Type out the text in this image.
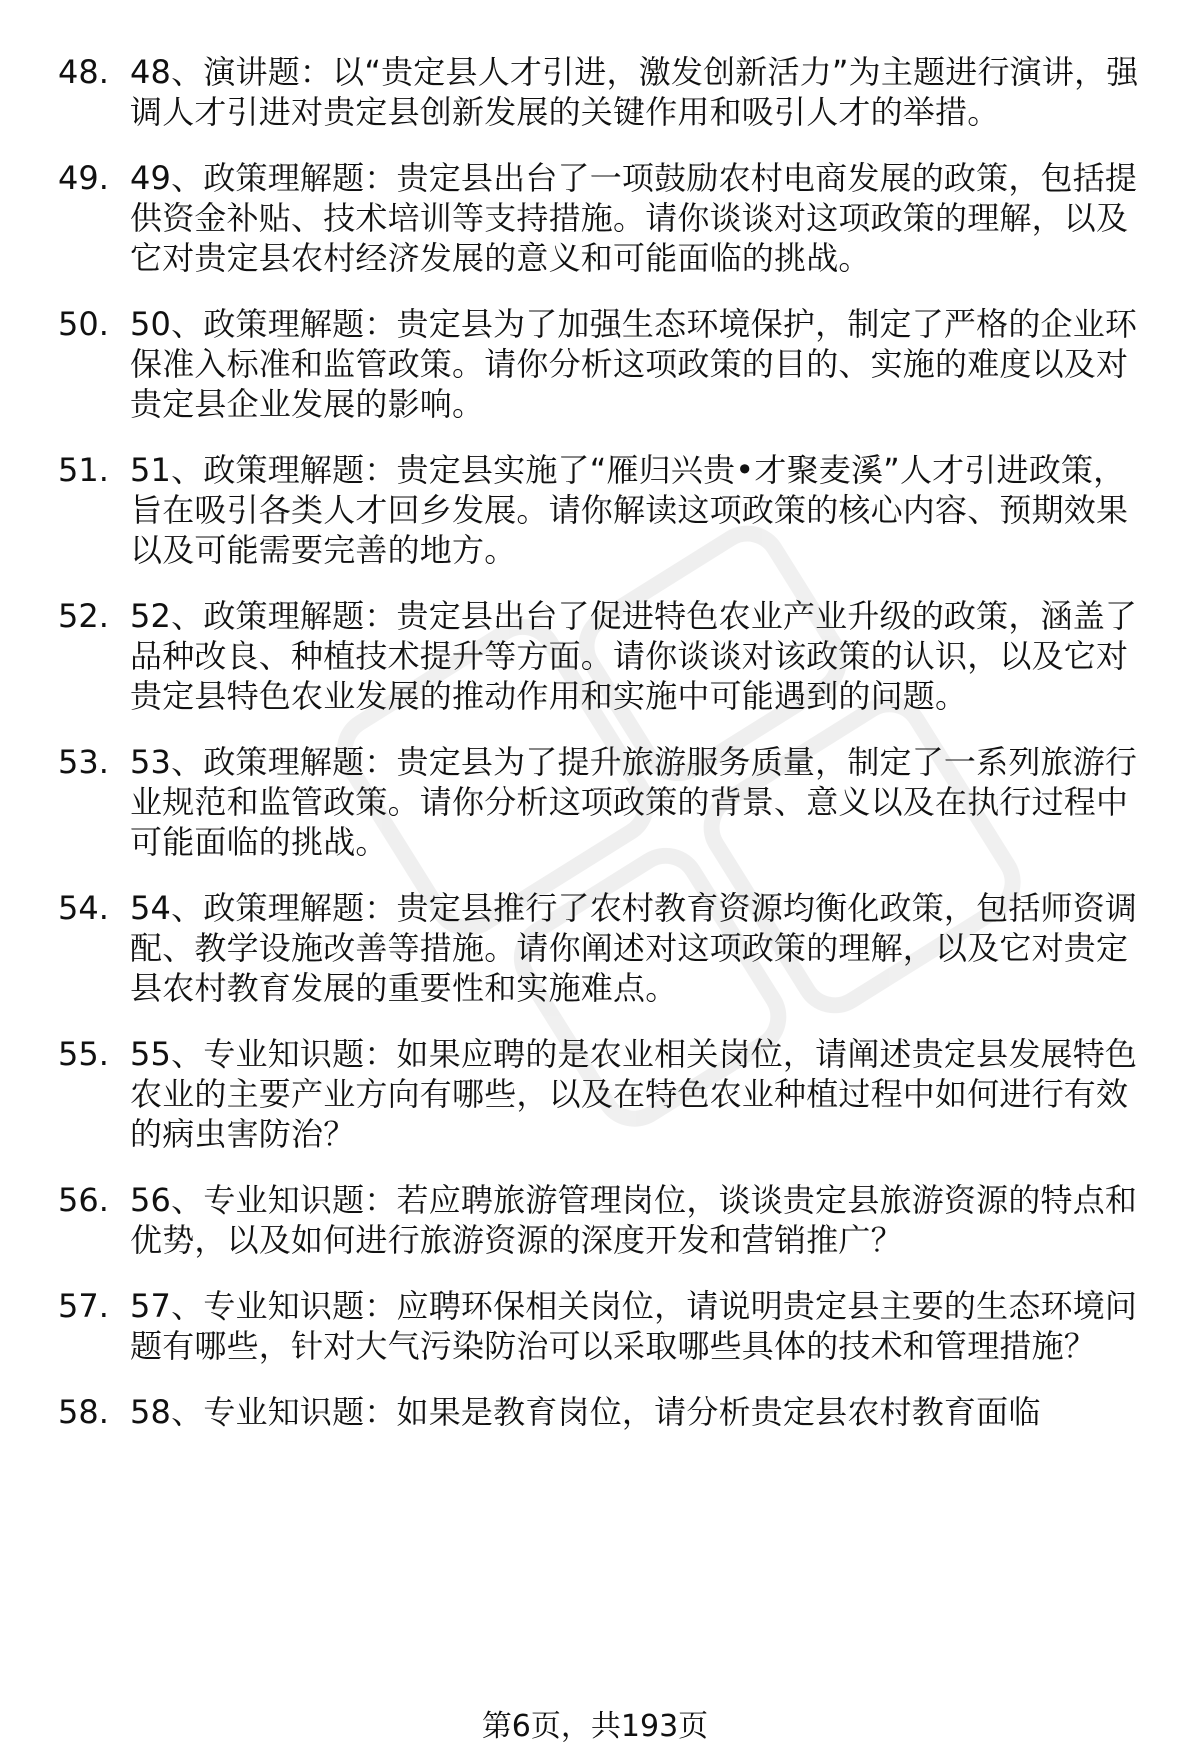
48. 48、演讲题：以“贵定县人才引进，激发创新活力”为主题进行演讲，强调人才引进对贵定县创新发展的关键作用和吸引人才的举措。
49. 49、政策理解题：贵定县出台了一项鼓励农村电商发展的政策，包括提供资金补贴、技术培训等支持措施。请你谈谈对这项政策的理解，以及它对贵定县农村经济发展的意义和可能面临的挑战。
50. 50、政策理解题：贵定县为了加强生态环境保护，制定了严格的企业环保准入标准和监管政策。请你分析这项政策的目的、实施的难度以及对贵定县企业发展的影响。
51. 51、政策理解题：贵定县实施了“雁归兴贵•才聚麦溪”人才引进政策，旨在吸引各类人才回乡发展。请你解读这项政策的核心内容、预期效果以及可能需要完善的地方。
52. 52、政策理解题：贵定县出台了促进特色农业产业升级的政策，涵盖了品种改良、种植技术提升等方面。请你谈谈对该政策的认识，以及它对贵定县特色农业发展的推动作用和实施中可能遇到的问题。
53. 53、政策理解题：贵定县为了提升旅游服务质量，制定了一系列旅游行业规范和监管政策。请你分析这项政策的背景、意义以及在执行过程中可能面临的挑战。
54. 54、政策理解题：贵定县推行了农村教育资源均衡化政策，包括师资调配、教学设施改善等措施。请你阐述对这项政策的理解，以及它对贵定县农村教育发展的重要性和实施难点。
55. 55、专业知识题：如果应聘的是农业相关岗位，请阐述贵定县发展特色农业的主要产业方向有哪些，以及在特色农业种植过程中如何进行有效的病虫害防治？
56. 56、专业知识题：若应聘旅游管理岗位，谈谈贵定县旅游资源的特点和优势，以及如何进行旅游资源的深度开发和营销推广？
57. 57、专业知识题：应聘环保相关岗位，请说明贵定县主要的生态环境问题有哪些，针对大气污染防治可以采取哪些具体的技术和管理措施？
58. 58、专业知识题：如果是教育岗位，请分析贵定县农村教育面临
第6页，共193页
